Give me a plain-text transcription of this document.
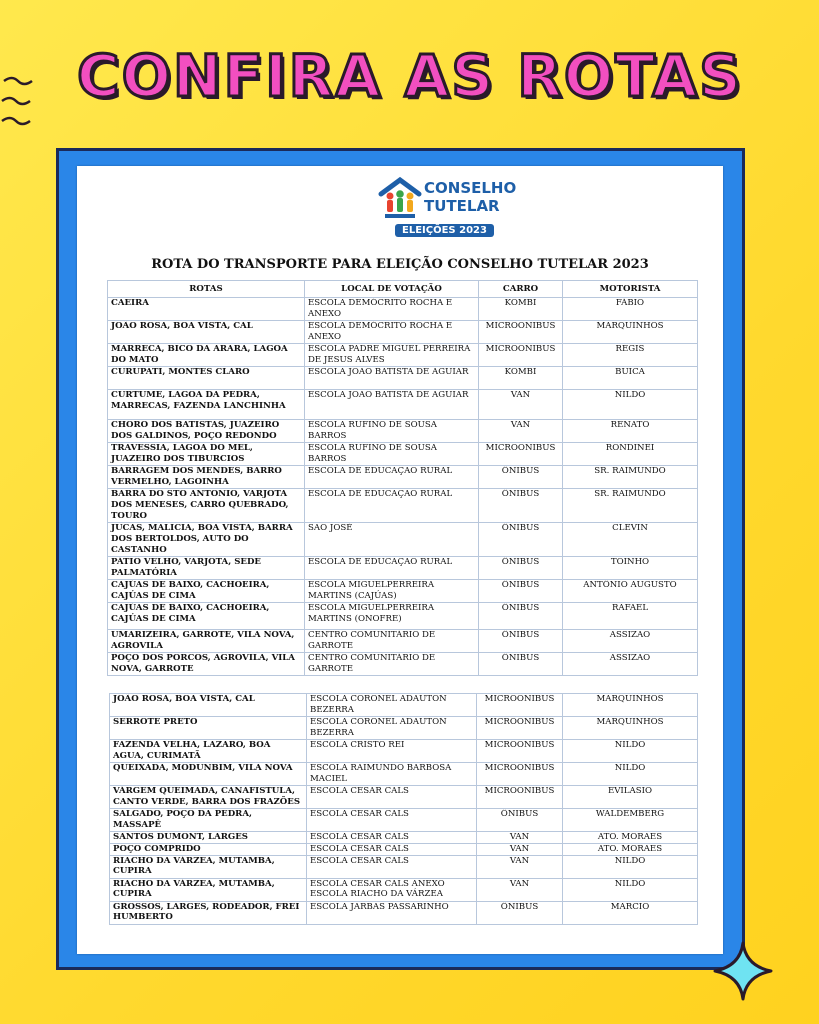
CONFIRA AS ROTAS
CONSELHO
TUTELAR
ELEIÇÕES 2023
ROTA DO TRANSPORTE PARA ELEIÇÃO CONSELHO TUTELAR 2023
ROTAS	LOCAL DE VOTAÇÃO	CARRO	MOTORISTA
CAEIRA	ESCOLA DEMÓCRITO ROCHA E ANEXO	KOMBI	FÁBIO
JOÃO ROSA, BOA VISTA, CAL	ESCOLA DEMÓCRITO ROCHA E ANEXO	MICROONIBUS	MARQUINHOS
MARRECA, BICO DA ARARA, LAGOA DO MATO	ESCOLA PADRE MIGUEL PERREIRA DE JESUS ALVES	MICROONIBUS	REGIS
CURUPATI, MONTES CLARO	ESCOLA JOÃO BATISTA DE AGUIAR	KOMBI	BUICA
CURTUME, LAGOA DA PEDRA, MARRECAS, FAZENDA LANCHINHA	ESCOLA JOÃO BATISTA DE AGUIAR	VAN	NILDO
CHORO DOS BATISTAS, JUAZEIRO DOS GALDINOS, POÇO REDONDO	ESCOLA RUFINO DE SOUSA BARROS	VAN	RENATO
TRAVESSIA, LAGOA DO MEL, JUAZEIRO DOS TIBURCIOS	ESCOLA RUFINO DE SOUSA BARROS	MICROONIBUS	RONDINEI
BARRAGEM DOS MENDES, BARRO VERMELHO, LAGOINHA	ESCOLA DE EDUCAÇÃO RURAL	ÔNIBUS	SR. RAIMUNDO
BARRA DO STO ANTONIO, VARJOTA DOS MENESES, CARRO QUEBRADO, TOURO	ESCOLA DE EDUCAÇÃO RURAL	ÔNIBUS	SR. RAIMUNDO
JUCAS, MALICIA, BOA VISTA, BARRA DOS BERTOLDOS, AUTO DO CASTANHO	SÃO JOSÉ	ÔNIBUS	CLEVIN
PÁTIO VELHO, VARJOTA, SEDE PALMATÓRIA	ESCOLA DE EDUCAÇÃO RURAL	ÔNIBUS	TOINHO
CAJÚAS DE BAIXO, CACHOEIRA, CAJÚAS DE CIMA	ESCOLA MIGUELPERREIRA MARTINS (CAJÚAS)	ÔNIBUS	ANTÔNIO AUGUSTO
CAJÚAS DE BAIXO, CACHOEIRA, CAJÚAS DE CIMA	ESCOLA MIGUELPERREIRA MARTINS (ONOFRE)	ÔNIBUS	RAFAEL
UMARIZEIRA, GARROTE, VILA NOVA, AGROVILA	CENTRO COMUNITÁRIO DE GARROTE	ÔNIBUS	ASSIZÃO
POÇO DOS PORCOS, AGROVILA, VILA NOVA, GARROTE	CENTRO COMUNITÁRIO DE GARROTE	ÔNIBUS	ASSIZÃO
JOÃO ROSA, BOA VISTA, CAL	ESCOLA CORONEL ADAUTON BEZERRA	MICROONIBUS	MARQUINHOS
SERROTE PRETO	ESCOLA CORONEL ADAUTON BEZERRA	MICROONIBUS	MARQUINHOS
FAZENDA VELHA, LAZARO, BOA AGUA, CURIMATÃ	ESCOLA CRISTO REI	MICROONIBUS	NILDO
QUEIXADA, MODUNBIM, VILA NOVA	ESCOLA RAIMUNDO BARBOSA MACIEL	MICROONIBUS	NILDO
VÁRGEM QUEIMADA, CANAFISTULA, CANTO VERDE, BARRA DOS FRAZÕES	ESCOLA CESAR CALS	MICROONIBUS	EVILASIO
SALGADO, POÇO DA PEDRA, MASSAPÊ	ESCOLA CESAR CALS	ÔNIBUS	WALDEMBERG
SANTOS DUMONT, LARGES	ESCOLA CESAR CALS	VAN	ATO. MORAES
POÇO COMPRIDO	ESCOLA CESAR CALS	VAN	ATO. MORAES
RIACHO DA VÁRZEA, MUTAMBA, CUPIRA	ESCOLA CESAR CALS	VAN	NILDO
RIACHO DA VÁRZEA, MUTAMBA, CUPIRA	ESCOLA CESAR CALS ANEXO ESCOLA RIACHO DA VÁRZEA	VAN	NILDO
GROSSOS, LARGES, RODEADOR, FREI HUMBERTO	ESCOLA JARBAS PASSARINHO	ÔNIBUS	MARCIO
